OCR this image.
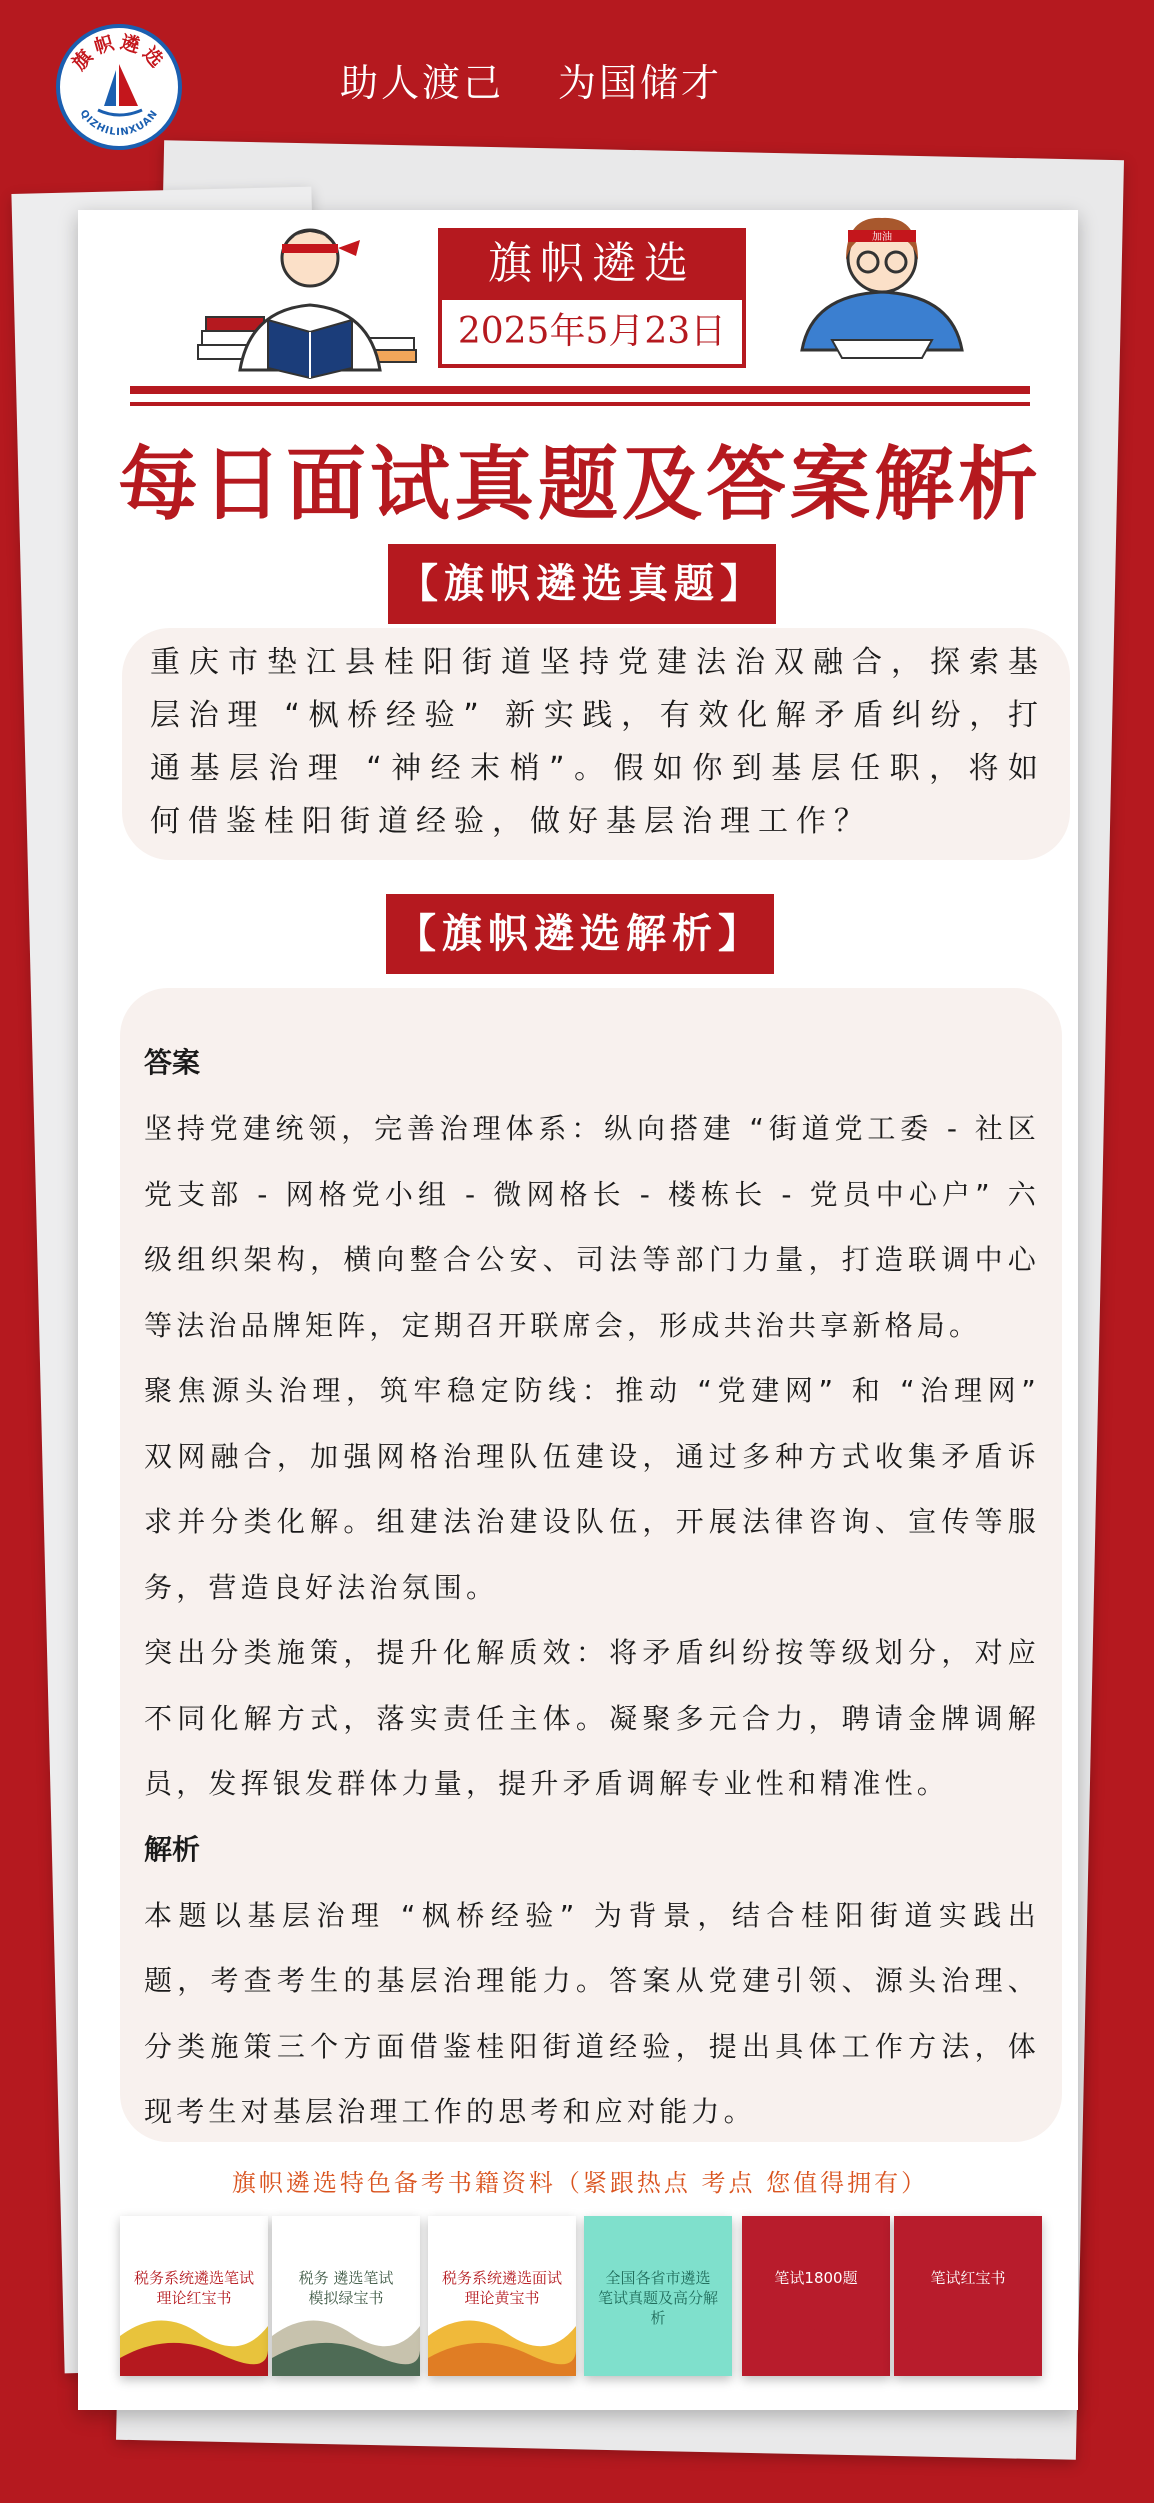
旗帜遴选
QIZHILINXUAN
助人渡己 为国储才
加油
旗帜遴选
2025年5月23日
每日面试真题及答案解析
【旗帜遴选真题】
重庆市垫江县桂阳街道坚持党建法治双融合，探索基层治理 “枫桥经验” 新实践，有效化解矛盾纠纷，打通基层治理 “神经末梢”。假如你到基层任职，将如何借鉴桂阳街道经验，做好基层治理工作？
【旗帜遴选解析】
答案

坚持党建统领，完善治理体系：纵向搭建 “街道党工委 - 社区党支部 - 网格党小组 - 微网格长 - 楼栋长 - 党员中心户” 六级组织架构，横向整合公安、司法等部门力量，打造联调中心等法治品牌矩阵，定期召开联席会，形成共治共享新格局。

聚焦源头治理，筑牢稳定防线：推动 “党建网” 和 “治理网” 双网融合，加强网格治理队伍建设，通过多种方式收集矛盾诉求并分类化解。组建法治建设队伍，开展法律咨询、宣传等服务，营造良好法治氛围。

突出分类施策，提升化解质效：将矛盾纠纷按等级划分，对应不同化解方式，落实责任主体。凝聚多元合力，聘请金牌调解员，发挥银发群体力量，提升矛盾调解专业性和精准性。

解析

本题以基层治理 “枫桥经验” 为背景，结合桂阳街道实践出题，考查考生的基层治理能力。答案从党建引领、源头治理、分类施策三个方面借鉴桂阳街道经验，提出具体工作方法，体现考生对基层治理工作的思考和应对能力。

旗帜遴选特色备考书籍资料（紧跟热点 考点 您值得拥有）
税务系统遴选笔试
理论红宝书
税务 遴选笔试
模拟绿宝书
税务系统遴选面试
理论黄宝书
全国各省市遴选
笔试真题及高分解析
笔试1800题	笔试红宝书
